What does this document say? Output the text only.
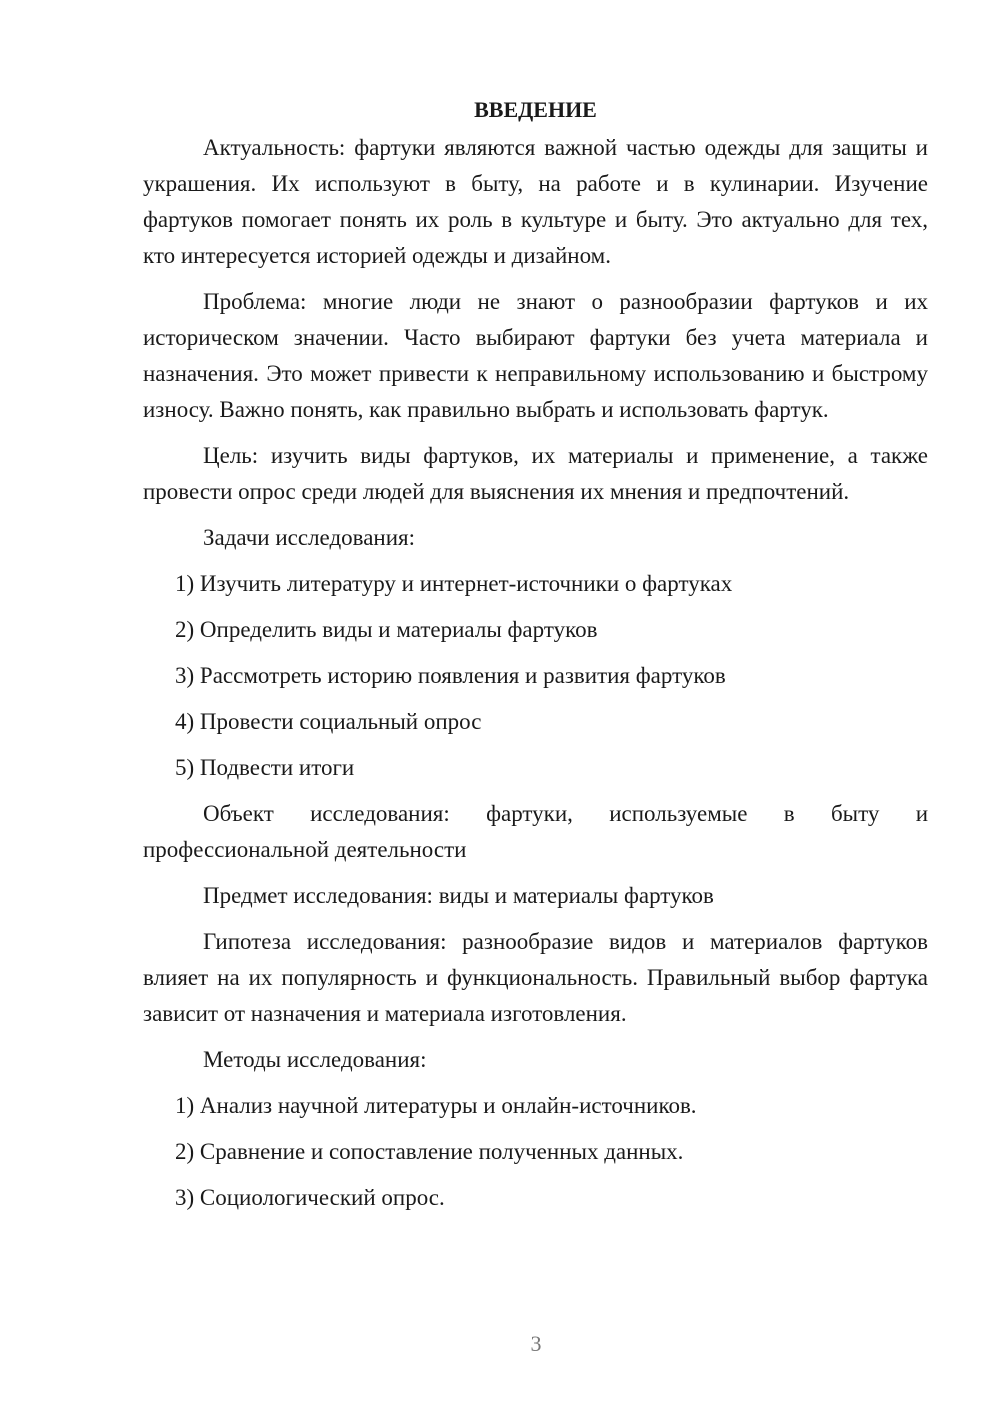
ВВЕДЕНИЕ

Актуальность: фартуки являются важной частью одежды для защиты и украшения. Их используют в быту, на работе и в кулинарии. Изучение фартуков помогает понять их роль в культуре и быту. Это актуально для тех, кто интересуется историей одежды и дизайном.

Проблема: многие люди не знают о разнообразии фартуков и их историческом значении. Часто выбирают фартуки без учета материала и назначения. Это может привести к неправильному использованию и быстрому износу. Важно понять, как правильно выбрать и использовать фартук.

Цель: изучить виды фартуков, их материалы и применение, а также провести опрос среди людей для выяснения их мнения и предпочтений.

Задачи исследования:

1) Изучить литературу и интернет-источники о фартуках
2) Определить виды и материалы фартуков
3) Рассмотреть историю появления и развития фартуков
4) Провести социальный опрос
5) Подвести итоги

Объект исследования: фартуки, используемые в быту и профессиональной деятельности

Предмет исследования: виды и материалы фартуков

Гипотеза исследования: разнообразие видов и материалов фартуков влияет на их популярность и функциональность. Правильный выбор фартука зависит от назначения и материала изготовления.

Методы исследования:

1) Анализ научной литературы и онлайн-источников.
2) Сравнение и сопоставление полученных данных.
3) Социологический опрос.
3
